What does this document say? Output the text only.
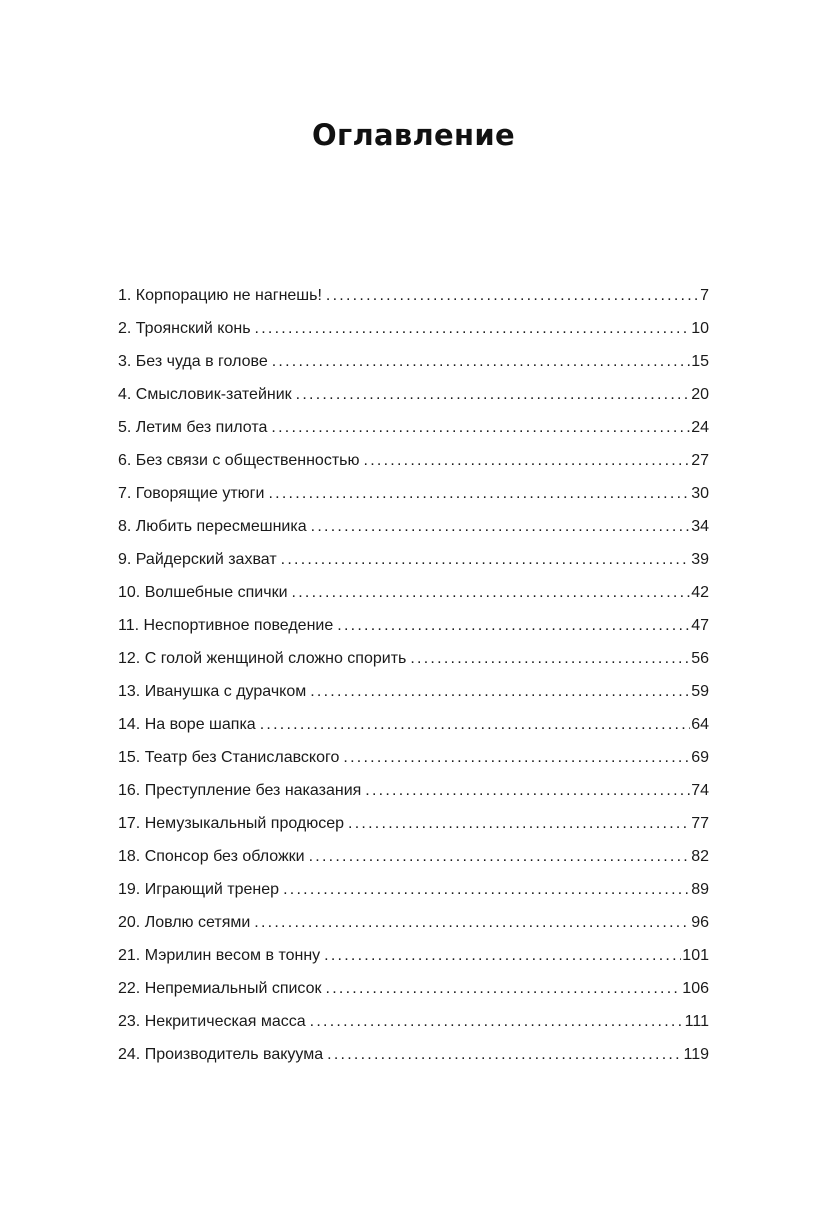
Оглавление
1. Корпорацию не нагнешь! . . .	7
2. Троянский конь . . .	10
3. Без чуда в голове . . .	15
4. Смысловик-затейник . . .	20
5. Летим без пилота . . .	24
6. Без связи с общественностью . . .	27
7. Говорящие утюги . . .	30
8. Любить пересмешника . . .	34
9. Райдерский захват . . .	39
10. Волшебные спички . . .	42
11. Неспортивное поведение . . .	47
12. С голой женщиной сложно спорить . . .	56
13. Иванушка с дурачком . . .	59
14. На воре шапка . . .	64
15. Театр без Станиславского . . .	69
16. Преступление без наказания . . .	74
17. Немузыкальный продюсер . . .	77
18. Спонсор без обложки . . .	82
19. Играющий тренер . . .	89
20. Ловлю сетями . . .	96
21. Мэрилин весом в тонну . . .	101
22. Непремиальный список . . .	106
23. Некритическая масса . . .	111
24. Производитель вакуума . . .	119
